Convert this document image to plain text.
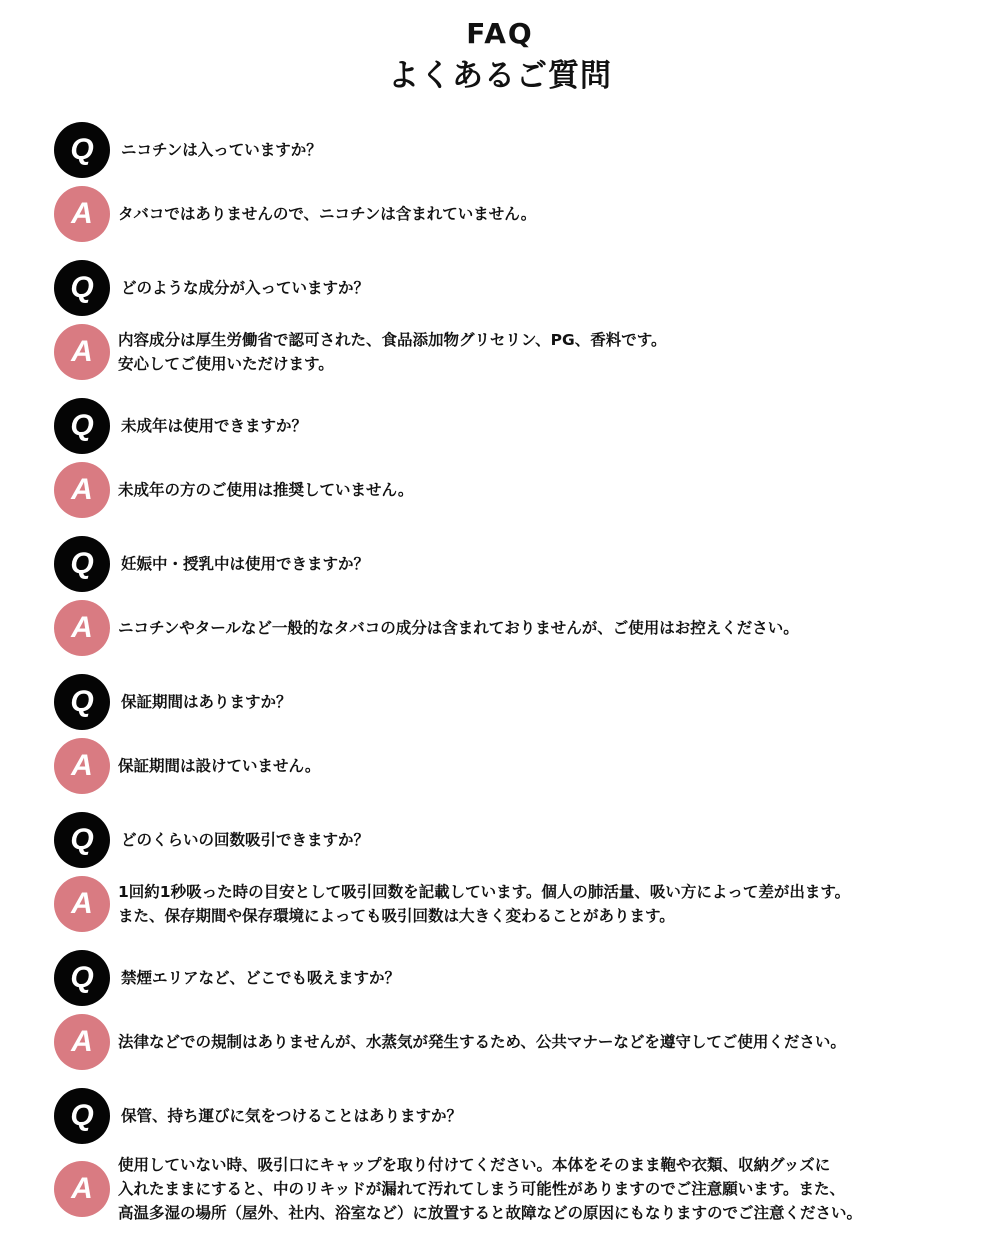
FAQ
よくあるご質問
Q	ニコチンは入っていますか？
A	タバコではありませんので、ニコチンは含まれていません。
Q	どのような成分が入っていますか？
A	内容成分は厚生労働省で認可された、食品添加物グリセリン、PG、香料です。
安心してご使用いただけます。
Q	未成年は使用できますか？
A	未成年の方のご使用は推奨していません。
Q	妊娠中・授乳中は使用できますか？
A	ニコチンやタールなど一般的なタバコの成分は含まれておりませんが、ご使用はお控えください。
Q	保証期間はありますか？
A	保証期間は設けていません。
Q	どのくらいの回数吸引できますか？
A	1回約1秒吸った時の目安として吸引回数を記載しています。個人の肺活量、吸い方によって差が出ます。
また、保存期間や保存環境によっても吸引回数は大きく変わることがあります。
Q	禁煙エリアなど、どこでも吸えますか？
A	法律などでの規制はありませんが、水蒸気が発生するため、公共マナーなどを遵守してご使用ください。
Q	保管、持ち運びに気をつけることはありますか？
A
使用していない時、吸引口にキャップを取り付けてください。本体をそのまま鞄や衣類、収納グッズに
入れたままにすると、中のリキッドが漏れて汚れてしまう可能性がありますのでご注意願います。また、
高温多湿の場所（屋外、社内、浴室など）に放置すると故障などの原因にもなりますのでご注意ください。
